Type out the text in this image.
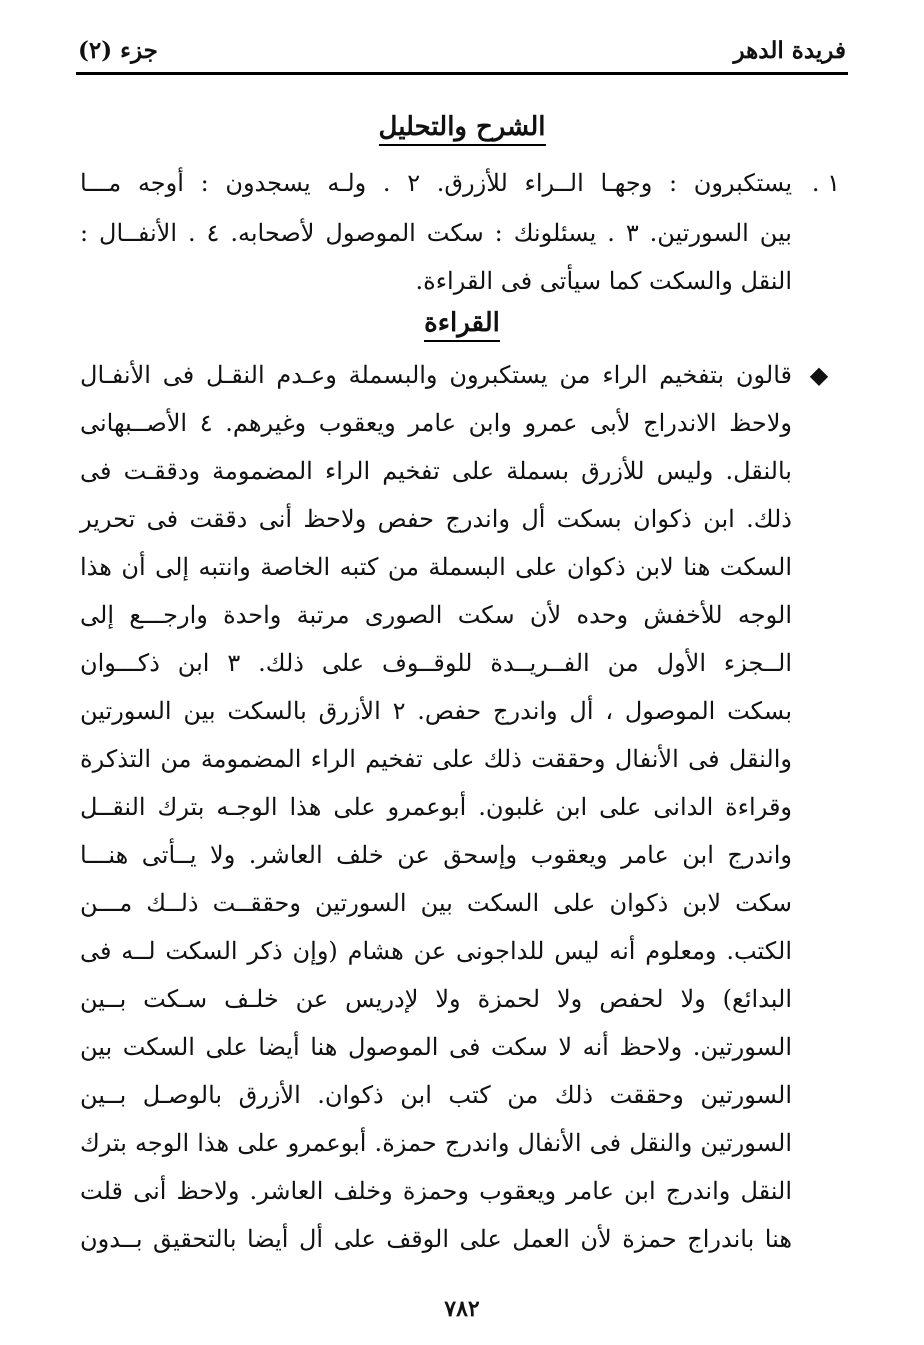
فريدة الدهر
جزء (٢)
الشرح والتحليل
١ .
يستكبرون : وجهـا الــراء للأزرق. ٢ . ولـه يسجدون : أوجه مـــا
بين السورتين. ٣ . يسئلونك : سكت الموصول لأصحابه. ٤ . الأنفــال :
النقل والسكت كما سيأتى فى القراءة.
القراءة
◆
قالون بتفخيم الراء من يستكبرون والبسملة وعـدم النقـل فى الأنفـال
ولاحظ الاندراج لأبى عمرو وابن عامر ويعقوب وغيرهم. ٤ الأصــبهانى
بالنقل. وليس للأزرق بسملة على تفخيم الراء المضمومة ودققـت فى
ذلك. ابن ذكوان بسكت أل واندرج حفص ولاحظ أنى دققت فى تحرير
السكت هنا لابن ذكوان على البسملة من كتبه الخاصة وانتبه إلى أن هذا
الوجه للأخفش وحده لأن سكت الصورى مرتبة واحدة وارجـــع إلى
الــجزء الأول من الفــريــدة للوقــوف على ذلك. ٣ ابن ذكـــوان
بسكت الموصول ، أل واندرج حفص. ٢ الأزرق بالسكت بين السورتين
والنقل فى الأنفال وحققت ذلك على تفخيم الراء المضمومة من التذكرة
وقراءة الدانى على ابن غلبون. أبوعمرو على هذا الوجـه بترك النقــل
واندرج ابن عامر ويعقوب وإسحق عن خلف العاشر. ولا يــأتى هنـــا
سكت لابن ذكوان على السكت بين السورتين وحققــت ذلــك مـــن
الكتب. ومعلوم أنه ليس للداجونى عن هشام (وإن ذكر السكت لــه فى
البدائع) ولا لحفص ولا لحمزة ولا لإدريس عن خلـف سـكت بــين
السورتين. ولاحظ أنه لا سكت فى الموصول هنا أيضا على السكت بين
السورتين وحققت ذلك من كتب ابن ذكوان. الأزرق بالوصـل بــين
السورتين والنقل فى الأنفال واندرج حمزة. أبوعمرو على هذا الوجه بترك
النقل واندرج ابن عامر ويعقوب وحمزة وخلف العاشر. ولاحظ أنى قلت
هنا باندراج حمزة لأن العمل على الوقف على أل أيضا بالتحقيق بــدون
٧٨٢
